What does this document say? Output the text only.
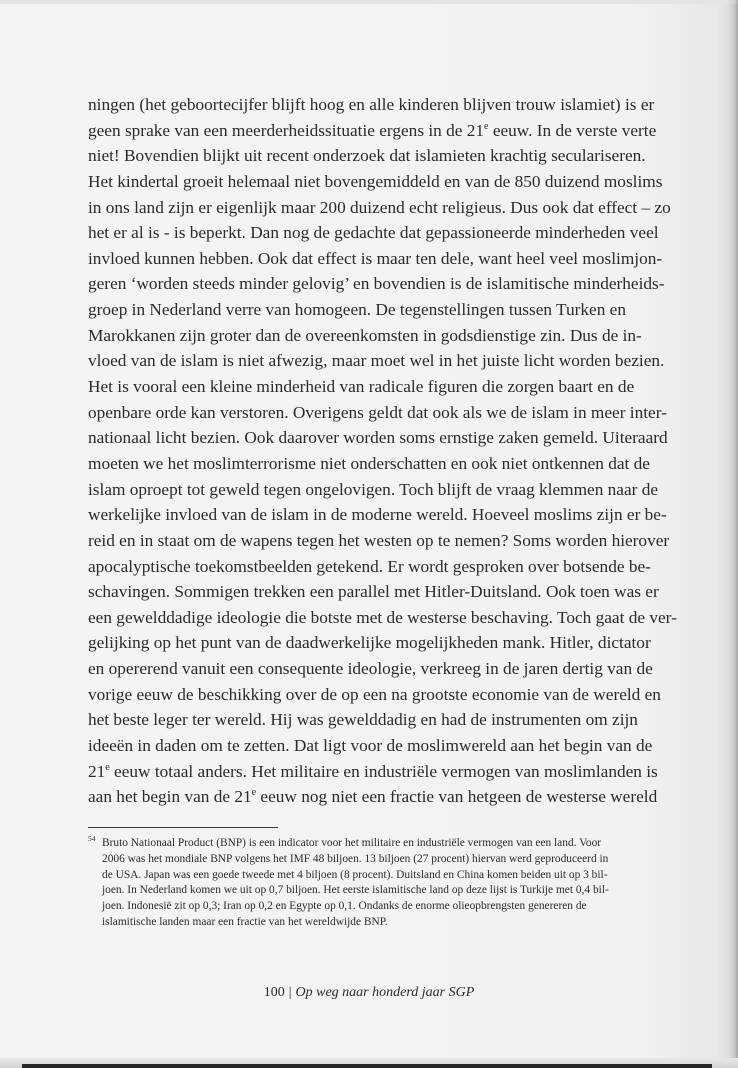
ningen (het geboortecijfer blijft hoog en alle kinderen blijven trouw islamiet) is er
geen sprake van een meerderheidssituatie ergens in de 21e eeuw. In de verste verte
niet! Bovendien blijkt uit recent onderzoek dat islamieten krachtig seculariseren.
Het kindertal groeit helemaal niet bovengemiddeld en van de 850 duizend moslims
in ons land zijn er eigenlijk maar 200 duizend echt religieus. Dus ook dat effect – zo
het er al is - is beperkt. Dan nog de gedachte dat gepassioneerde minderheden veel
invloed kunnen hebben. Ook dat effect is maar ten dele, want heel veel moslimjon-
geren ‘worden steeds minder gelovig’ en bovendien is de islamitische minderheids-
groep in Nederland verre van homogeen. De tegenstellingen tussen Turken en
Marokkanen zijn groter dan de overeenkomsten in godsdienstige zin. Dus de in-
vloed van de islam is niet afwezig, maar moet wel in het juiste licht worden bezien.
Het is vooral een kleine minderheid van radicale figuren die zorgen baart en de
openbare orde kan verstoren. Overigens geldt dat ook als we de islam in meer inter-
nationaal licht bezien. Ook daarover worden soms ernstige zaken gemeld. Uiteraard
moeten we het moslimterrorisme niet onderschatten en ook niet ontkennen dat de
islam oproept tot geweld tegen ongelovigen. Toch blijft de vraag klemmen naar de
werkelijke invloed van de islam in de moderne wereld. Hoeveel moslims zijn er be-
reid en in staat om de wapens tegen het westen op te nemen? Soms worden hierover
apocalyptische toekomstbeelden getekend. Er wordt gesproken over botsende be-
schavingen. Sommigen trekken een parallel met Hitler-Duitsland. Ook toen was er
een gewelddadige ideologie die botste met de westerse beschaving. Toch gaat de ver-
gelijking op het punt van de daadwerkelijke mogelijkheden mank. Hitler, dictator
en opererend vanuit een consequente ideologie, verkreeg in de jaren dertig van de
vorige eeuw de beschikking over de op een na grootste economie van de wereld en
het beste leger ter wereld. Hij was gewelddadig en had de instrumenten om zijn
ideeën in daden om te zetten. Dat ligt voor de moslimwereld aan het begin van de
21e eeuw totaal anders. Het militaire en industriële vermogen van moslimlanden is
aan het begin van de 21e eeuw nog niet een fractie van hetgeen de westerse wereld
54 Bruto Nationaal Product (BNP) is een indicator voor het militaire en industriële vermogen van een land. Voor
2006 was het mondiale BNP volgens het IMF 48 biljoen. 13 biljoen (27 procent) hiervan werd geproduceerd in
de USA. Japan was een goede tweede met 4 biljoen (8 procent). Duitsland en China komen beiden uit op 3 bil-
joen. In Nederland komen we uit op 0,7 biljoen. Het eerste islamitische land op deze lijst is Turkije met 0,4 bil-
joen. Indonesië zit op 0,3; Iran op 0,2 en Egypte op 0,1. Ondanks de enorme olieopbrengsten genereren de
islamitische landen maar een fractie van het wereldwijde BNP.
100 | Op weg naar honderd jaar SGP
